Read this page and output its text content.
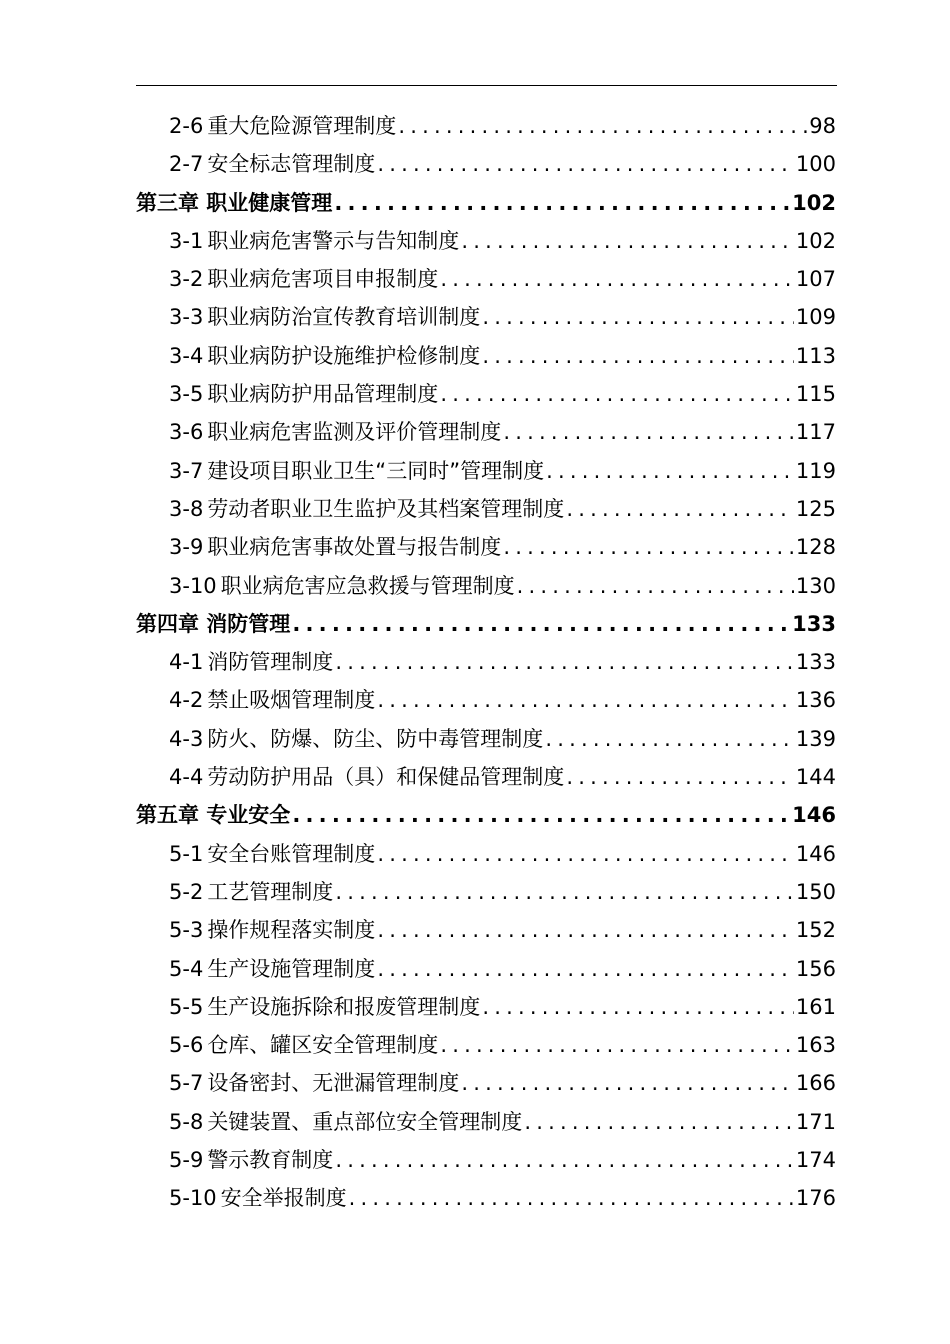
2-6 重大危险源管理制度 .....	98
2-7 安全标志管理制度 .....	100
第三章 职业健康管理 .....	102
3-1 职业病危害警示与告知制度 .....	102
3-2 职业病危害项目申报制度 .....	107
3-3 职业病防治宣传教育培训制度 .....	109
3-4 职业病防护设施维护检修制度 .....	113
3-5 职业病防护用品管理制度 .....	115
3-6 职业病危害监测及评价管理制度 .....	117
3-7 建设项目职业卫生“三同时”管理制度 .....	119
3-8 劳动者职业卫生监护及其档案管理制度 .....	125
3-9 职业病危害事故处置与报告制度 .....	128
3-10 职业病危害应急救援与管理制度 .....	130
第四章 消防管理 .....	133
4-1 消防管理制度 .....	133
4-2 禁止吸烟管理制度 .....	136
4-3 防火、防爆、防尘、防中毒管理制度 .....	139
4-4 劳动防护用品（具）和保健品管理制度 .....	144
第五章 专业安全 .....	146
5-1 安全台账管理制度 .....	146
5-2 工艺管理制度 .....	150
5-3 操作规程落实制度 .....	152
5-4 生产设施管理制度 .....	156
5-5 生产设施拆除和报废管理制度 .....	161
5-6 仓库、罐区安全管理制度 .....	163
5-7 设备密封、无泄漏管理制度 .....	166
5-8 关键装置、重点部位安全管理制度 .....	171
5-9 警示教育制度 .....	174
5-10 安全举报制度 .....	176
